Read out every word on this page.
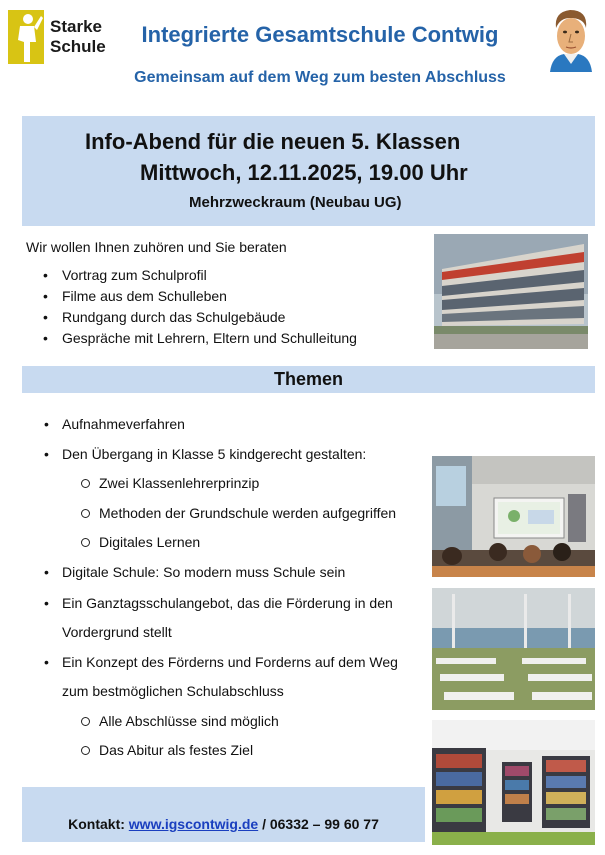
Starke
Schule	Integrierte Gesamtschule Contwig
Gemeinsam auf dem Weg zum besten Abschluss
Info-Abend für die neuen 5. Klassen
Mittwoch, 12.11.2025, 19.00 Uhr
Mehrzweckraum (Neubau UG)
Wir wollen Ihnen zuhören und Sie beraten
• Vortrag zum Schulprofil
• Filme aus dem Schulleben
• Rundgang durch das Schulgebäude
• Gespräche mit Lehrern, Eltern und Schulleitung
Themen
• Aufnahmeverfahren
• Den Übergang in Klasse 5 kindgerecht gestalten:
Zwei Klassenlehrerprinzip
Methoden der Grundschule werden aufgegriffen
Digitales Lernen
• Digitale Schule: So modern muss Schule sein
• Ein Ganztagsschulangebot, das die Förderung in den
Vordergrund stellt
• Ein Konzept des Förderns und Forderns auf dem Weg
zum bestmöglichen Schulabschluss
Alle Abschlüsse sind möglich
Das Abitur als festes Ziel
Kontakt: www.igscontwig.de / 06332 – 99 60 77
